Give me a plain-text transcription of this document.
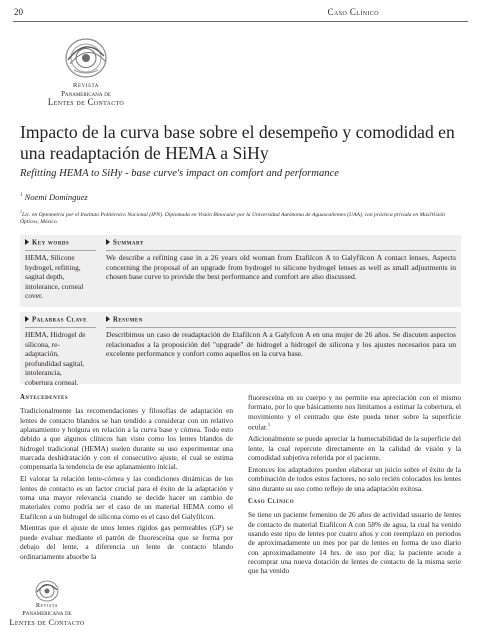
20	Caso Clínico
Revista
Panamericana de
Lentes de Contacto
Impacto de la curva base sobre el desempeño y comodidad en una readaptación de HEMA a SiHy
Refitting HEMA to SiHy - base curve's impact on comfort and performance
$^1$ Noemi Domínguez
$^1$Lic. en Optometría por el Instituto Politécnico Nacional (IPN). Diplomada en Visión Binocular por la Universidad Autónoma de Aguascalientes (UAA), con práctica privada en MaxiVisión Ópticos, México.
Key words
HEMA, Silicone hydrogel, refitting, sagital depth, intolerance, corneal cover.
Summary
We describe a refitting case in a 26 years old woman from Etafilcon A to Galyfilcon A contact lenses, Aspects concerning the proposal of an upgrade from hydrogel to silicone hydrogel lenses as well as small adjustments in chosen base curve to provide the best performance and comfort are also discussed.
Palabras Clave
HEMA, Hidrogel de silicona, re-adaptación, profundidad sagital, intolerancia, cobertura corneal.
Resumen
Describimos un caso de readaptación de Etafilcon A a Galyfcon A en una mujer de 26 años. Se discuten aspectos relacionados a la proposición del "upgrade" de hidrogel a hidrogel de silicona y los ajustes necesarios para un excelente performance y confort como aquellos en la curva base.
Antecedentes

Tradicionalmente las recomendaciones y filosofías de adaptación en lentes de contacto blandos se han tendido a considerar con un relativo aplanamiento y holgura en relación a la curva base y córnea. Todo esto debido a que algunos clínicos han visto como los lentes blandos de hidrogel tradicional (HEMA) suelen durante su uso experimentar una marcada deshidratación y con el consecutivo ajuste, el cual se estima compensaría la tendencia de ese aplanamiento inicial.

El valorar la relación lente-córnea y las condiciones dinámicas de los lentes de contacto es un factor crucial para el éxito de la adaptación y toma una mayor relevancia cuando se decide hacer un cambio de materiales como podría ser el caso de un material HEMA como el Etafilcon a un hidrogel de silicona como es el caso del Galyfilcon.

Mientras que el ajuste de unos lentes rígidos gas permeables (GP) se puede evaluar mediante el patrón de fluoresceína que se forma por debajo del lente, a diferencia un lente de contacto blando ordinariamente absorbe la

fluoresceína en su cuerpo y no permite esa apreciación con el mismo formato, por lo que básicamente nos limitamos a estimar la cobertura, el movimiento y el centrado que éste pueda tener sobre la superficie ocular.$^1$

Adicionalmente se puede apreciar la humectabilidad de la superficie del lente, la cual repercute directamente en la calidad de visión y la comodidad subjetiva referida por el paciente.

Entonces los adaptadores pueden elaborar un juicio sobre el éxito de la combinación de todos estos factores, no solo recién colocados los lentes sino durante su uso como reflejo de una adaptación exitosa.

Caso Clínico

Se tiene un paciente femenino de 26 años de actividad usuario de lentes de contacto de material Etafilcon A con 58% de agua, la cual ha venido usando este tipo de lentes por cuatro años y con reemplazo en periodos de aproximadamente un mes por par de lentes en forma de uso diario con aproximadamente 14 hrs. de uso por día; la paciente acude a recomprar una nueva dotación de lentes de contacto de la misma serie que ha venido

Revista
Panamericana de
Lentes de Contacto
